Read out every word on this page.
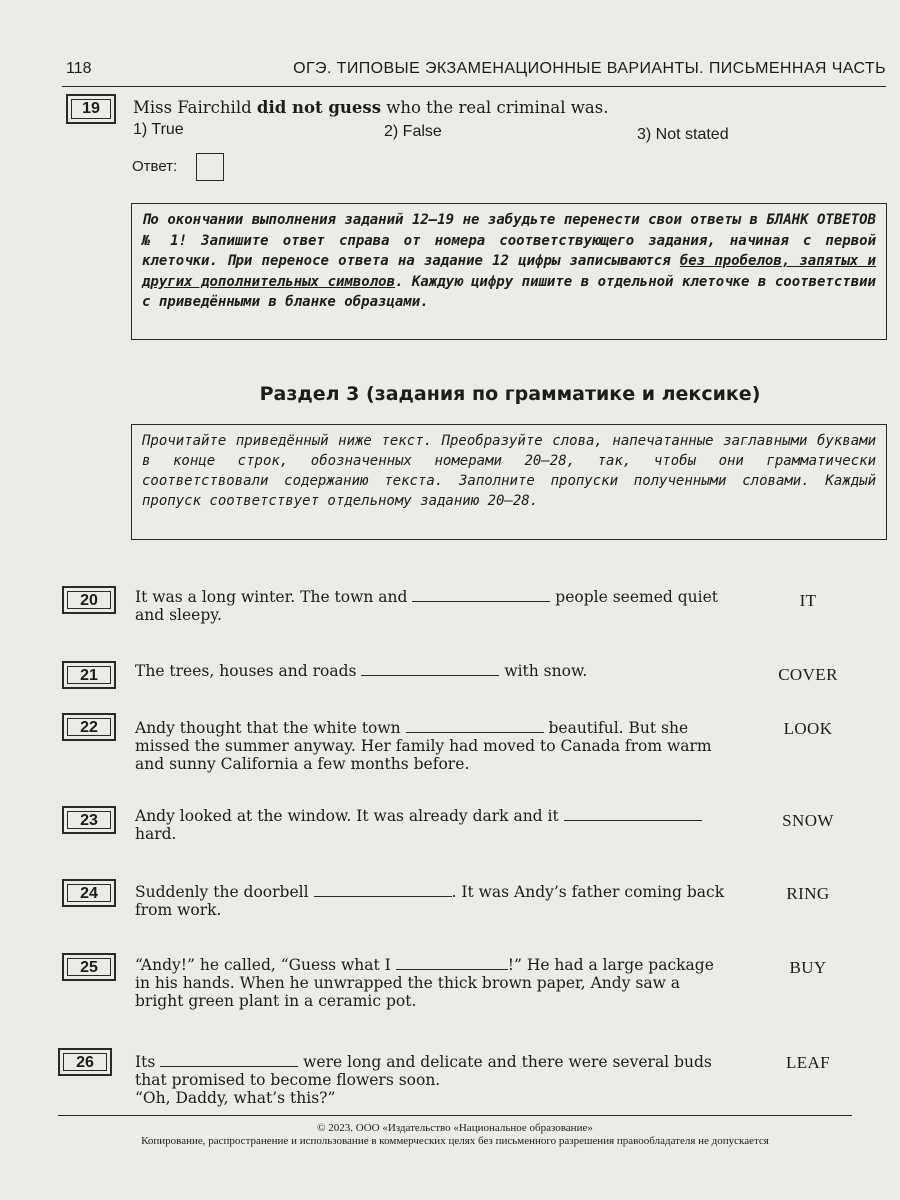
118	ОГЭ. ТИПОВЫЕ ЭКЗАМЕНАЦИОННЫЕ ВАРИАНТЫ. ПИСЬМЕННАЯ ЧАСТЬ
19	Miss Fairchild did not guess who the real criminal was.
1) True	2) False	3) Not stated
Ответ:
По окончании выполнения заданий 12–19 не забудьте перенести свои ответы в БЛАНК ОТВЕТОВ № 1! Запишите ответ справа от номера соответствующего задания, начиная с первой клеточки. При переносе ответа на задание 12 цифры записываются без пробелов, запятых и других дополнительных символов. Каждую цифру пишите в отдельной клеточке в соответствии с приведёнными в бланке образцами.
Раздел 3 (задания по грамматике и лексике)
Прочитайте приведённый ниже текст. Преобразуйте слова, напечатанные заглавными буквами в конце строк, обозначенных номерами 20–28, так, чтобы они грамматически соответствовали содержанию текста. Заполните пропуски полученными словами. Каждый пропуск соответствует отдельному заданию 20–28.
20	It was a long winter. The town and	people seemed quiet and sleepy.
IT
21	The trees, houses and roads	with snow.	COVER
22	Andy thought that the white town	beautiful. But she missed the summer anyway. Her family had moved to Canada from warm and sunny California a few months before.
LOOK
23	Andy looked at the window. It was already dark and it  hard.
SNOW
24	Suddenly the doorbell	. It was Andy’s father coming back from work.
RING
25	“Andy!” he called, “Guess what I	!” He had a large package in his hands. When he unwrapped the thick brown paper, Andy saw a bright green plant in a ceramic pot.
BUY
26	Its	were long and delicate and there were several buds that promised to become flowers soon.
“Oh, Daddy, what’s this?”
LEAF
© 2023. ООО «Издательство «Национальное образование»
Копирование, распространение и использование в коммерческих целях без письменного разрешения правообладателя не допускается
